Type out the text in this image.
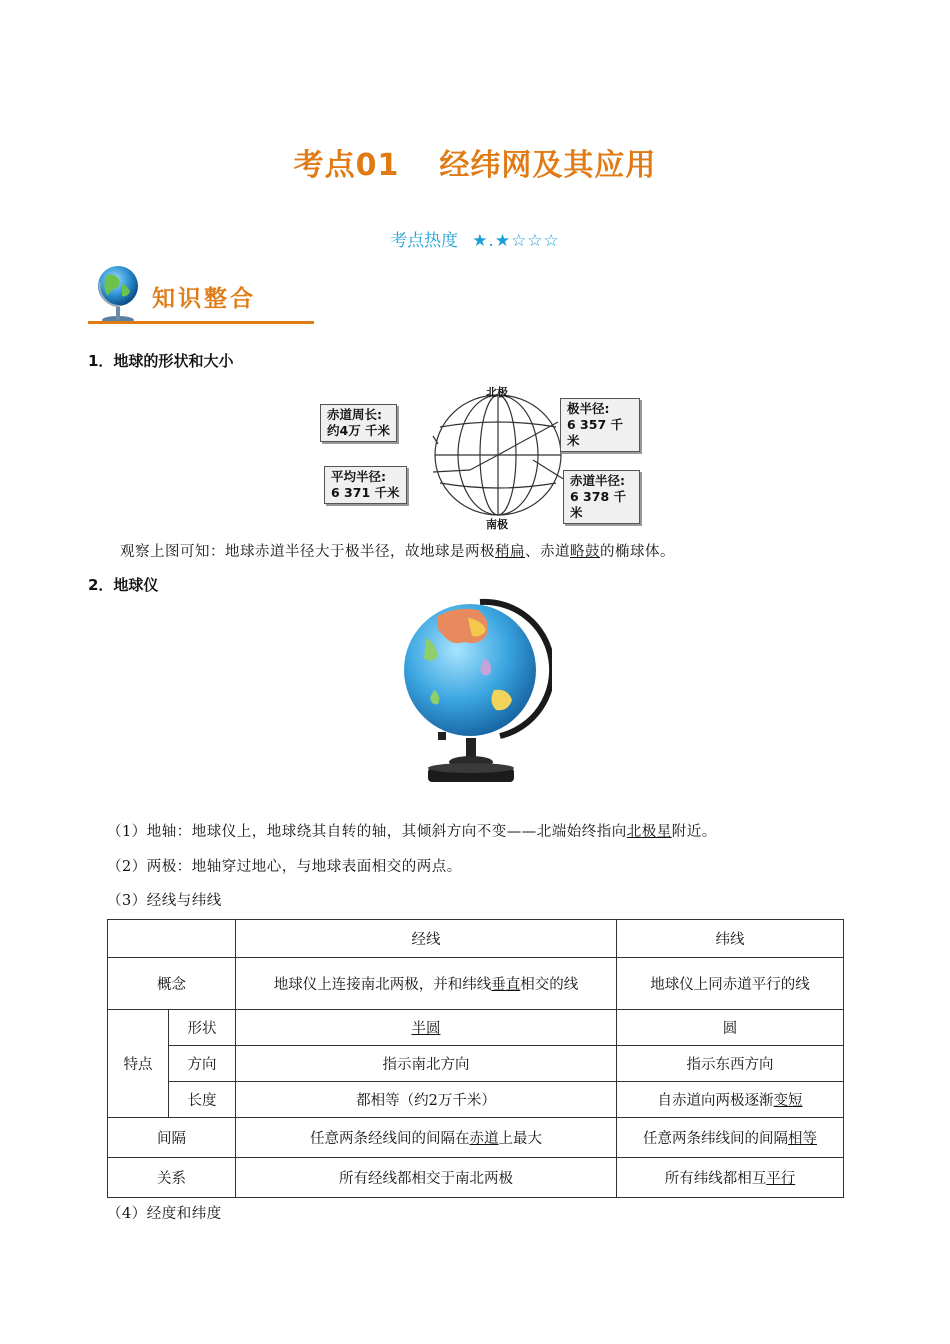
考点01 经纬网及其应用
考点热度 ★.★☆☆☆
知识整合
1．地球的形状和大小
北极
南极
赤道周长:
约4万 千米
平均半径:
6 371 千米
极半径:
6 357 千米
赤道半径:
6 378 千米
观察上图可知：地球赤道半径大于极半径，故地球是两极稍扁、赤道略鼓的椭球体。
2．地球仪
（1）地轴：地球仪上，地球绕其自转的轴，其倾斜方向不变——北端始终指向北极星附近。
（2）两极：地轴穿过地心，与地球表面相交的两点。
（3）经线与纬线
		经线	纬线
概念		地球仪上连接南北两极，并和纬线垂直相交的线	地球仪上同赤道平行的线
特点	形状	半圆	圆
	方向	指示南北方向	指示东西方向
	长度	都相等（约2万千米）	自赤道向两极逐渐变短
间隔		任意两条经线间的间隔在赤道上最大	任意两条纬线间的间隔相等
关系		所有经线都相交于南北两极	所有纬线都相互平行
（4）经度和纬度
